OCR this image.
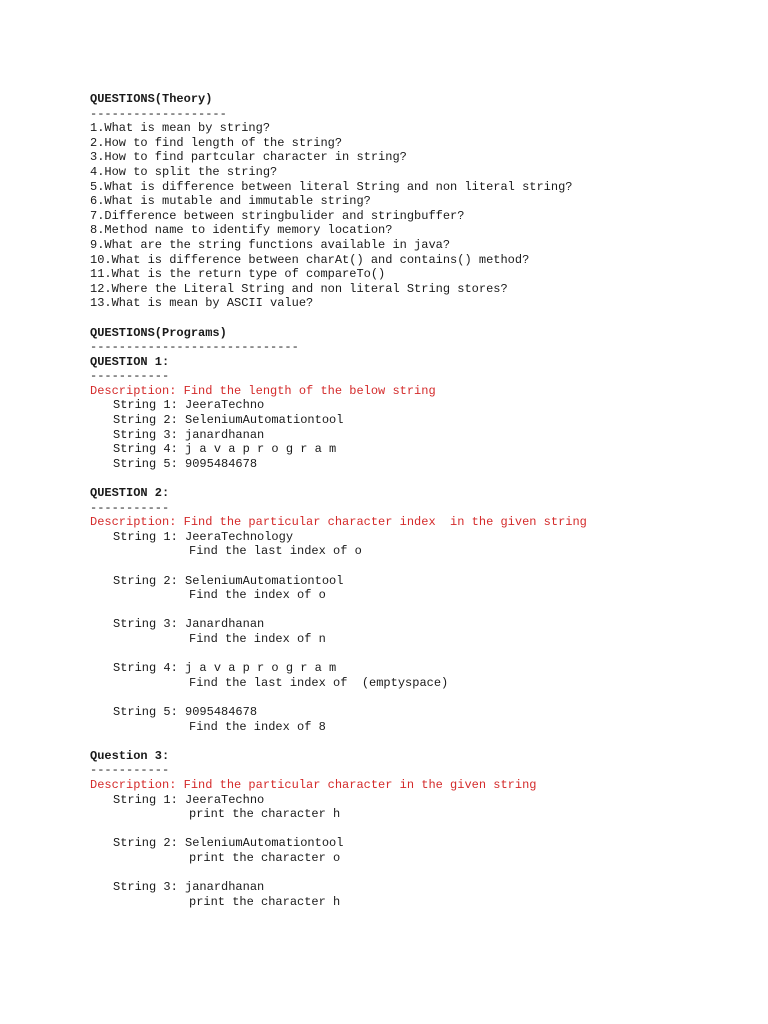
QUESTIONS(Theory)
-------------------
1.What is mean by string?
2.How to find length of the string?
3.How to find partcular character in string?
4.How to split the string?
5.What is difference between literal String and non literal string?
6.What is mutable and immutable string?
7.Difference between stringbulider and stringbuffer?
8.Method name to identify memory location?
9.What are the string functions available in java?
10.What is difference between charAt() and contains() method?
11.What is the return type of compareTo()
12.Where the Literal String and non literal String stores?
13.What is mean by ASCII value?
QUESTIONS(Programs)
-----------------------------
QUESTION 1:
-----------
Description: Find the length of the below string
String 1: JeeraTechno
String 2: SeleniumAutomationtool
String 3: janardhanan
String 4: j a v a p r o g r a m
String 5: 9095484678
QUESTION 2:
-----------
Description: Find the particular character index  in the given string
String 1: JeeraTechnology
Find the last index of o
String 2: SeleniumAutomationtool
Find the index of o
String 3: Janardhanan
Find the index of n
String 4: j a v a p r o g r a m
Find the last index of  (emptyspace)
String 5: 9095484678
Find the index of 8
Question 3:
-----------
Description: Find the particular character in the given string
String 1: JeeraTechno
print the character h
String 2: SeleniumAutomationtool
print the character o
String 3: janardhanan
print the character h
